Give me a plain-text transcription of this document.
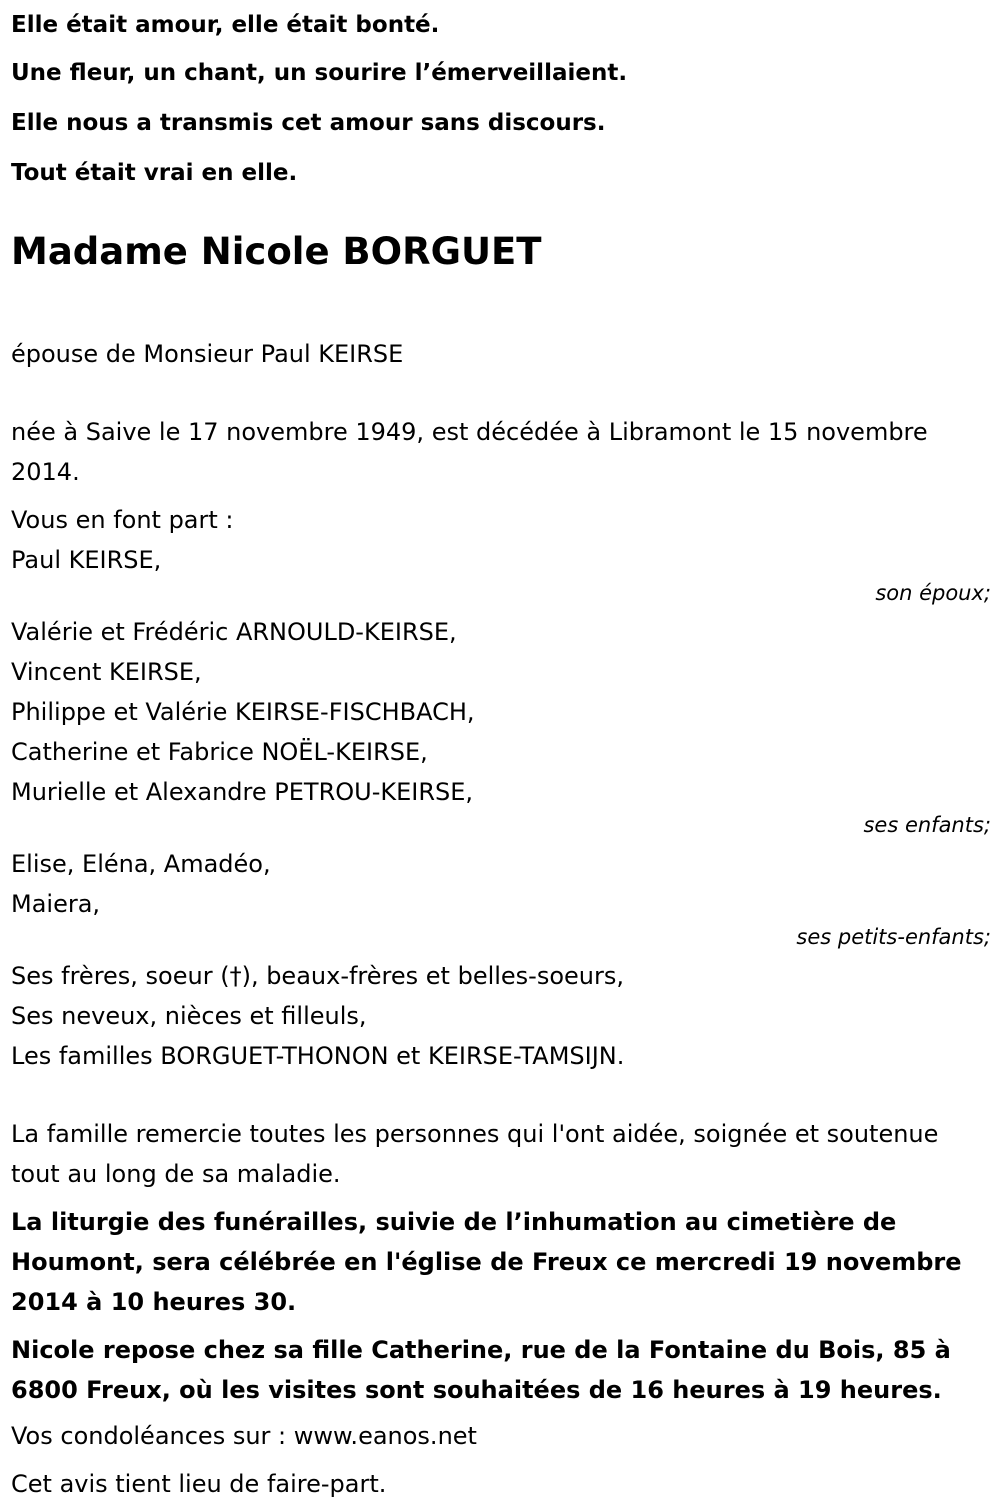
Elle était amour, elle était bonté.

Une fleur, un chant, un sourire l’émerveillaient.

Elle nous a transmis cet amour sans discours.

Tout était vrai en elle.

Madame Nicole BORGUET

épouse de Monsieur Paul KEIRSE

née à Saive le 17 novembre 1949, est décédée à Libramont le 15 novembre 2014.

Vous en font part :

Paul KEIRSE,

son époux;

Valérie et Frédéric ARNOULD-KEIRSE,

Vincent KEIRSE,

Philippe et Valérie KEIRSE-FISCHBACH,

Catherine et Fabrice NOËL-KEIRSE,

Murielle et Alexandre PETROU-KEIRSE,

ses enfants;

Elise, Eléna, Amadéo,

Maiera,

ses petits-enfants;

Ses frères, soeur (†), beaux-frères et belles-soeurs,

Ses neveux, nièces et filleuls,

Les familles BORGUET-THONON et KEIRSE-TAMSIJN.

La famille remercie toutes les personnes qui l'ont aidée, soignée et soutenue tout au long de sa maladie.

La liturgie des funérailles, suivie de l’inhumation au cimetière de Houmont, sera célébrée en l'église de Freux ce mercredi 19 novembre 2014 à 10 heures 30.

Nicole repose chez sa fille Catherine, rue de la Fontaine du Bois, 85 à 6800 Freux, où les visites sont souhaitées de 16 heures à 19 heures.

Vos condoléances sur : www.eanos.net

Cet avis tient lieu de faire-part.
